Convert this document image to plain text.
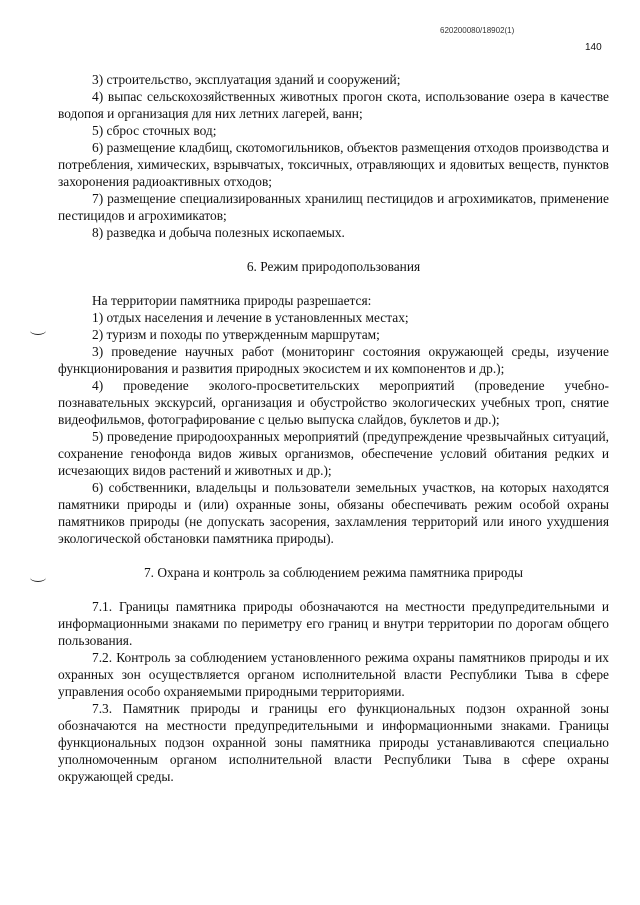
620200080/18902(1)
140

3) строительство, эксплуатация зданий и сооружений;

4) выпас сельскохозяйственных животных прогон скота, использование озера в качестве водопоя и организация для них летних лагерей, ванн;

5) сброс сточных вод;

6) размещение кладбищ, скотомогильников, объектов размещения отходов производства и потребления, химических, взрывчатых, токсичных, отравляющих и ядовитых веществ, пунктов захоронения радиоактивных отходов;

7) размещение специализированных хранилищ пестицидов и агрохимикатов, применение пестицидов и агрохимикатов;

8) разведка и добыча полезных ископаемых.

6. Режим природопользования

На территории памятника природы разрешается:

1) отдых населения и лечение в установленных местах;

2) туризм и походы по утвержденным маршрутам;

3) проведение научных работ (мониторинг состояния окружающей среды, изучение функционирования и развития природных экосистем и их компонентов и др.);

4) проведение эколого-просветительских мероприятий (проведение учебно-познавательных экскурсий, организация и обустройство экологических учебных троп, снятие видеофильмов, фотографирование с целью выпуска слайдов, буклетов и др.);

5) проведение природоохранных мероприятий (предупреждение чрезвычайных ситуаций, сохранение генофонда видов живых организмов, обеспечение условий обитания редких и исчезающих видов растений и животных и др.);

6) собственники, владельцы и пользователи земельных участков, на которых находятся памятники природы и (или) охранные зоны, обязаны обеспечивать режим особой охраны памятников природы (не допускать засорения, захламления территорий или иного ухудшения экологической обстановки памятника природы).

7. Охрана и контроль за соблюдением режима памятника природы

7.1. Границы памятника природы обозначаются на местности предупредительными и информационными знаками по периметру его границ и внутри территории по дорогам общего пользования.

7.2. Контроль за соблюдением установленного режима охраны памятников природы и их охранных зон осуществляется органом исполнительной власти Республики Тыва в сфере управления особо охраняемыми природными территориями.

7.3. Памятник природы и границы его функциональных подзон охранной зоны обозначаются на местности предупредительными и информационными знаками. Границы функциональных подзон охранной зоны памятника природы устанавливаются специально уполномоченным органом исполнительной власти Республики Тыва в сфере охраны окружающей среды.
